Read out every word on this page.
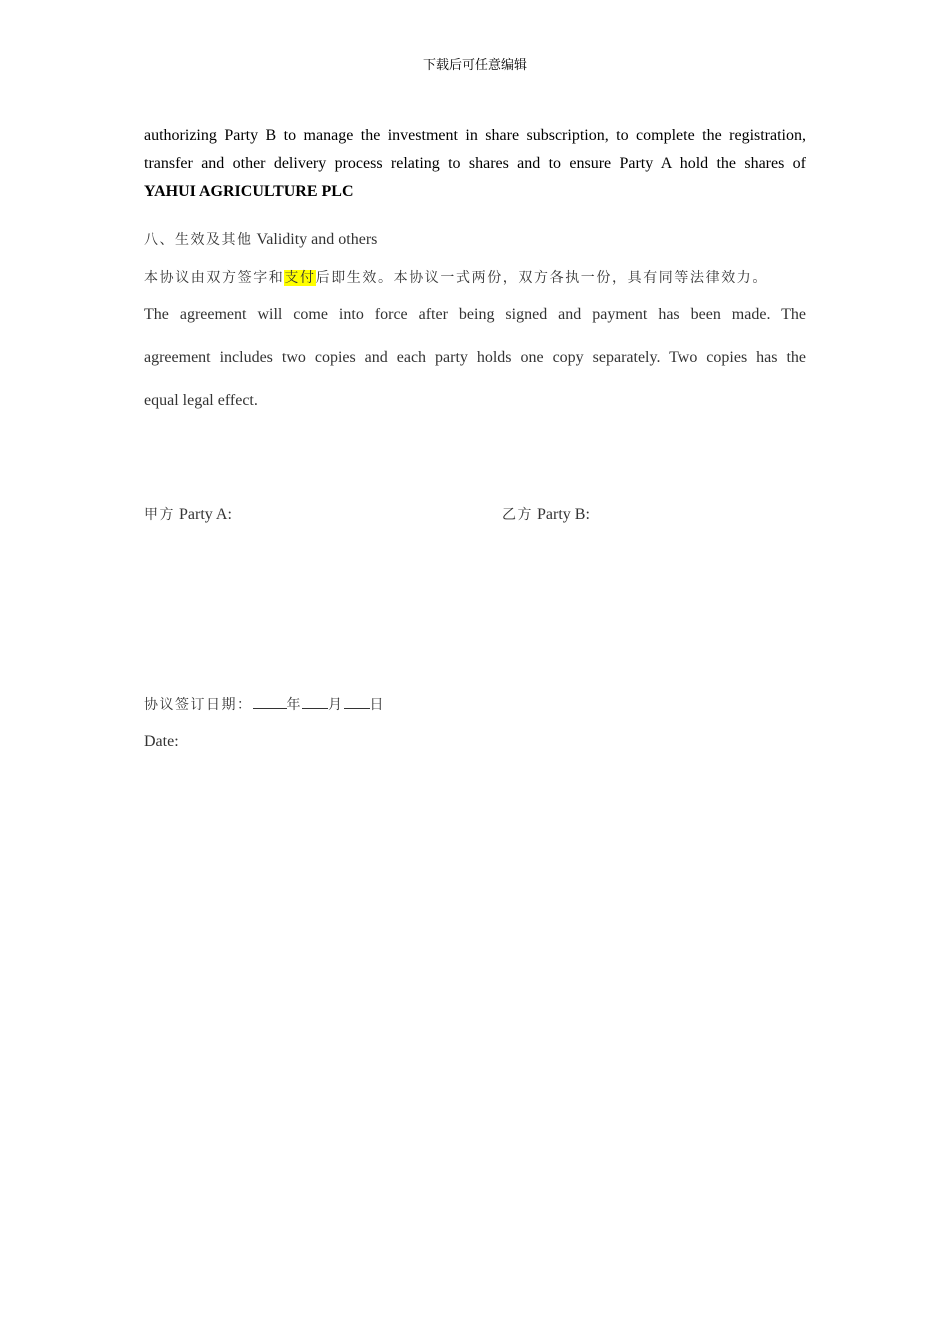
下载后可任意编辑
authorizing Party B to manage the investment in share subscription, to complete the registration,
transfer and other delivery process relating to shares and to ensure Party A hold the shares of
YAHUI AGRICULTURE PLC
八、生效及其他 Validity and others
本协议由双方签字和支付后即生效。本协议一式两份，双方各执一份，具有同等法律效力。
The agreement will come into force after being signed and payment has been made. The
agreement includes two copies and each party holds one copy separately. Two copies has the
equal legal effect.
甲方 Party A:	乙方 Party B:
协议签订日期： 年 月 日
Date:
